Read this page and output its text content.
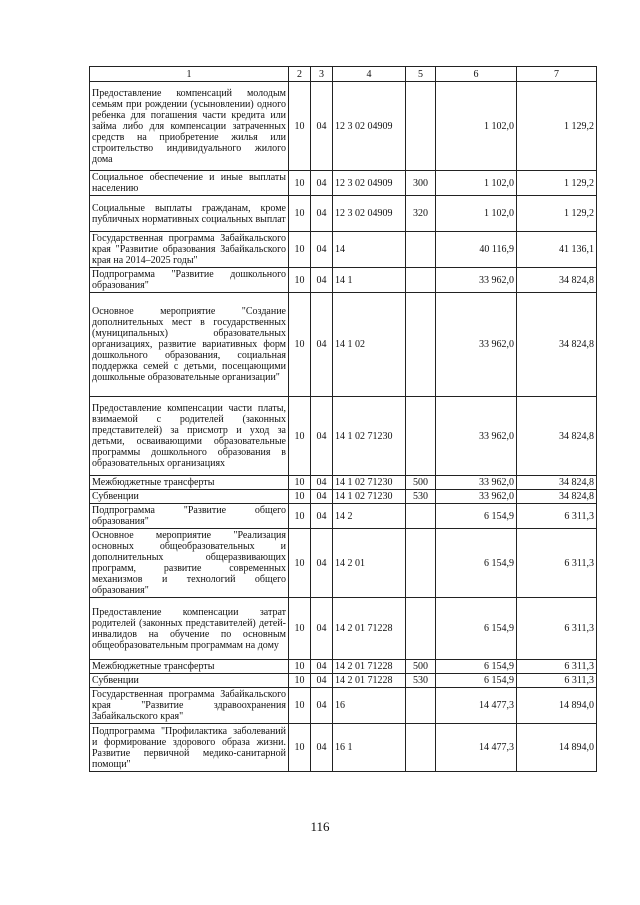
1	2	3	4	5	6	7
Предоставление компенсаций молодым семьям при рождении (усыновлении) одного ребенка для погашения части кредита или займа либо для компенсации затраченных средств на приобретение жилья или строительство индивидуального жилого дома	10	04	12 3 02 04909		1 102,0	1 129,2
Социальное обеспечение и иные выплаты населению	10	04	12 3 02 04909	300	1 102,0	1 129,2
Социальные выплаты гражданам, кроме публичных нормативных социальных выплат	10	04	12 3 02 04909	320	1 102,0	1 129,2
Государственная программа Забайкальского края "Развитие образования Забайкальского края на 2014–2025 годы"	10	04	14		40 116,9	41 136,1
Подпрограмма "Развитие дошкольного образования"	10	04	14 1		33 962,0	34 824,8
Основное мероприятие "Создание дополнительных мест в государственных (муниципальных) образовательных организациях, развитие вариативных форм дошкольного образования, социальная поддержка семей с детьми, посещающими дошкольные образовательные организации"	10	04	14 1 02		33 962,0	34 824,8
Предоставление компенсации части платы, взимаемой с родителей (законных представителей) за присмотр и уход за детьми, осваивающими образовательные программы дошкольного образования в образовательных организациях	10	04	14 1 02 71230		33 962,0	34 824,8
Межбюджетные трансферты	10	04	14 1 02 71230	500	33 962,0	34 824,8
Субвенции	10	04	14 1 02 71230	530	33 962,0	34 824,8
Подпрограмма "Развитие общего образования"	10	04	14 2		6 154,9	6 311,3
Основное мероприятие "Реализация основных общеобразовательных и дополнительных общеразвивающих программ, развитие современных механизмов и технологий общего образования"	10	04	14 2 01		6 154,9	6 311,3
Предоставление компенсации затрат родителей (законных представителей) детей-инвалидов на обучение по основным общеобразовательным программам на дому	10	04	14 2 01 71228		6 154,9	6 311,3
Межбюджетные трансферты	10	04	14 2 01 71228	500	6 154,9	6 311,3
Субвенции	10	04	14 2 01 71228	530	6 154,9	6 311,3
Государственная программа Забайкальского края "Развитие здравоохранения Забайкальского края"	10	04	16		14 477,3	14 894,0
Подпрограмма "Профилактика заболеваний и формирование здорового образа жизни. Развитие первичной медико-санитарной помощи"	10	04	16 1		14 477,3	14 894,0
116
